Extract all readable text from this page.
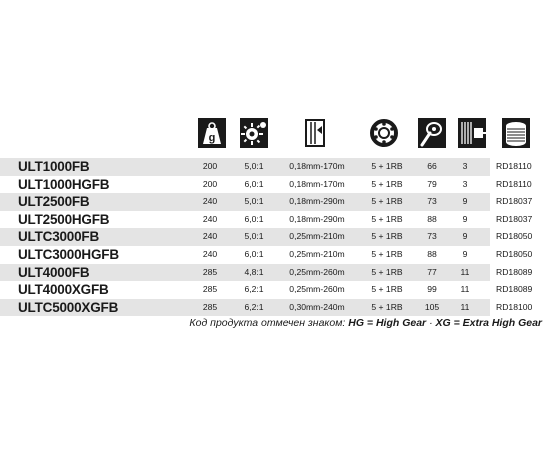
g
ULT1000FB	200	5,0:1	0,18mm-170m	5 + 1RB	66	3	RD18110
ULT1000HGFB	200	6,0:1	0,18mm-170m	5 + 1RB	79	3	RD18110
ULT2500FB	240	5,0:1	0,18mm-290m	5 + 1RB	73	9	RD18037
ULT2500HGFB	240	6,0:1	0,18mm-290m	5 + 1RB	88	9	RD18037
ULTC3000FB	240	5,0:1	0,25mm-210m	5 + 1RB	73	9	RD18050
ULTC3000HGFB	240	6,0:1	0,25mm-210m	5 + 1RB	88	9	RD18050
ULT4000FB	285	4,8:1	0,25mm-260m	5 + 1RB	77	11	RD18089
ULT4000XGFB	285	6,2:1	0,25mm-260m	5 + 1RB	99	11	RD18089
ULTC5000XGFB	285	6,2:1	0,30mm-240m	5 + 1RB	105	11	RD18100
Код продукта отмечен знаком: HG = High Gear · XG = Extra High Gear
